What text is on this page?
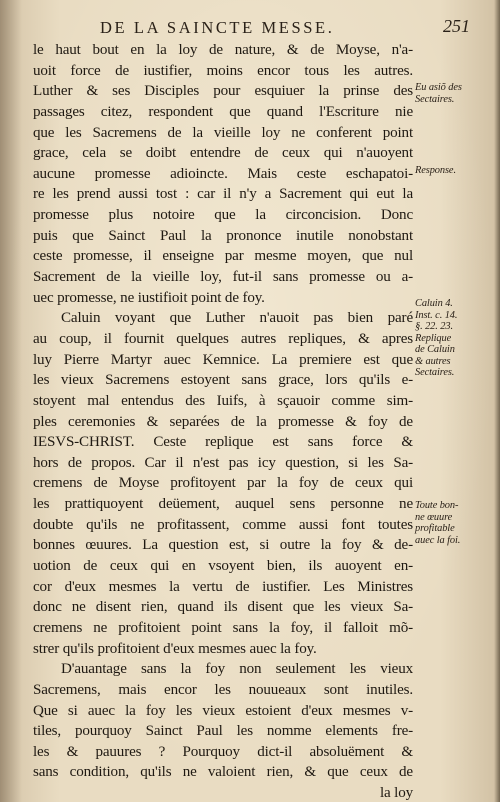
DE LA SAINCTE MESSE.	251
le haut bout en la loy de nature, & de Moyse, n'a-
uoit force de iustifier, moins encor tous les autres.
Luther & ses Disciples pour esquiuer la prinse des
passages citez, respondent que quand l'Escriture nie
que les Sacremens de la vieille loy ne conferent point
grace, cela se doibt entendre de ceux qui n'auoyent
aucune promesse adioincte. Mais ceste eschapatoi-
re les prend aussi tost : car il n'y a Sacrement qui eut la
promesse plus notoire que la circoncision. Donc
puis que Sainct Paul la prononce inutile nonobstant
ceste promesse, il enseigne par mesme moyen, que nul
Sacrement de la vieille loy, fut-il sans promesse ou a-
uec promesse, ne iustifioit point de foy.
Caluin voyant que Luther n'auoit pas bien paré
au coup, il fournit quelques autres repliques, & apres
luy Pierre Martyr auec Kemnice. La premiere est que
les vieux Sacremens estoyent sans grace, lors qu'ils e-
stoyent mal entendus des Iuifs, à sçauoir comme sim-
ples ceremonies & separées de la promesse & foy de
IESVS-CHRIST. Ceste replique est sans force &
hors de propos. Car il n'est pas icy question, si les Sa-
cremens de Moyse profitoyent par la foy de ceux qui
les prattiquoyent deüement, auquel sens personne ne
doubte qu'ils ne profitassent, comme aussi font toutes
bonnes œuures. La question est, si outre la foy & de-
uotion de ceux qui en vsoyent bien, ils auoyent en-
cor d'eux mesmes la vertu de iustifier. Les Ministres
donc ne disent rien, quand ils disent que les vieux Sa-
cremens ne profitoient point sans la foy, il falloit mõ-
strer qu'ils profitoient d'eux mesmes auec la foy.
D'auantage sans la foy non seulement les vieux
Sacremens, mais encor les nouueaux sont inutiles.
Que si auec la foy les vieux estoient d'eux mesmes v-
tiles, pourquoy Sainct Paul les nomme elements fre-
les & pauures ? Pourquoy dict-il absoluëment &
sans condition, qu'ils ne valoient rien, & que ceux de
la loy
Eu asiõ des
Sectaires.
Response.
Caluin 4.
Inst. c. 14.
§. 22. 23.
Replique
de Caluin
& autres
Sectaires.
Toute bon-
ne œuure
profitable
auec la foi.
